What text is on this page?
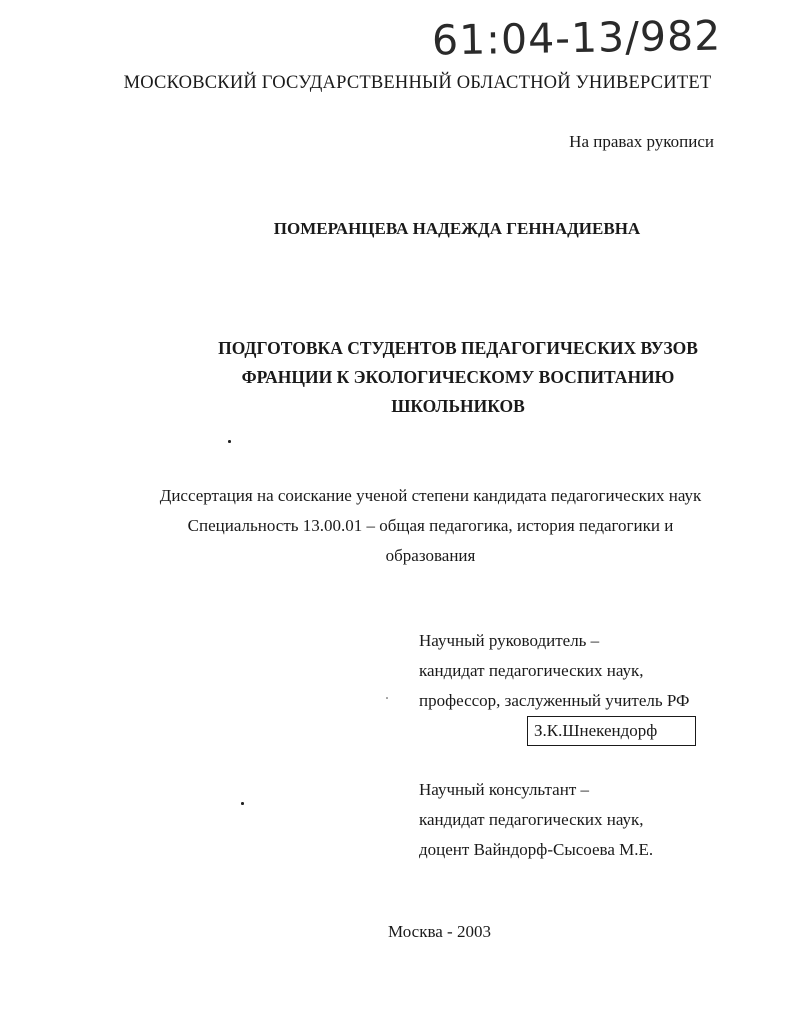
61:04-13/982
МОСКОВСКИЙ ГОСУДАРСТВЕННЫЙ ОБЛАСТНОЙ УНИВЕРСИТЕТ
На правах рукописи
ПОМЕРАНЦЕВА НАДЕЖДА ГЕННАДИЕВНА
ПОДГОТОВКА СТУДЕНТОВ ПЕДАГОГИЧЕСКИХ ВУЗОВ
ФРАНЦИИ К ЭКОЛОГИЧЕСКОМУ ВОСПИТАНИЮ
ШКОЛЬНИКОВ
Диссертация на соискание ученой степени кандидата педагогических наук
Специальность 13.00.01 – общая педагогика, история педагогики и
образования
Научный руководитель –
кандидат педагогических наук,
профессор, заслуженный учитель РФ
З.К.Шнекендорф
Научный консультант –
кандидат педагогических наук,
доцент Вайндорф-Сысоева М.Е.
Москва - 2003
